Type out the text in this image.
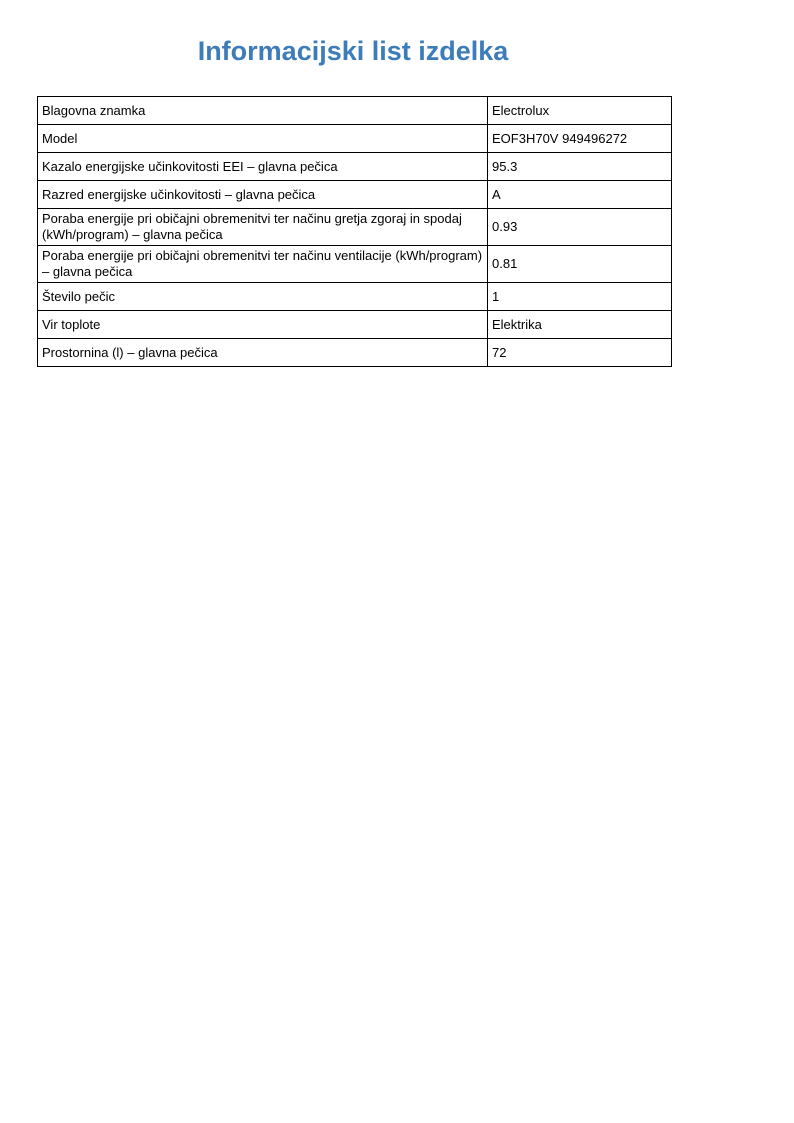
Informacijski list izdelka
Blagovna znamka	Electrolux
Model	EOF3H70V 949496272
Kazalo energijske učinkovitosti EEI – glavna pečica	95.3
Razred energijske učinkovitosti – glavna pečica	A
Poraba energije pri običajni obremenitvi ter načinu gretja zgoraj in spodaj (kWh/program) – glavna pečica	0.93
Poraba energije pri običajni obremenitvi ter načinu ventilacije (kWh/program) – glavna pečica	0.81
Število pečic	1
Vir toplote	Elektrika
Prostornina (l) – glavna pečica	72
